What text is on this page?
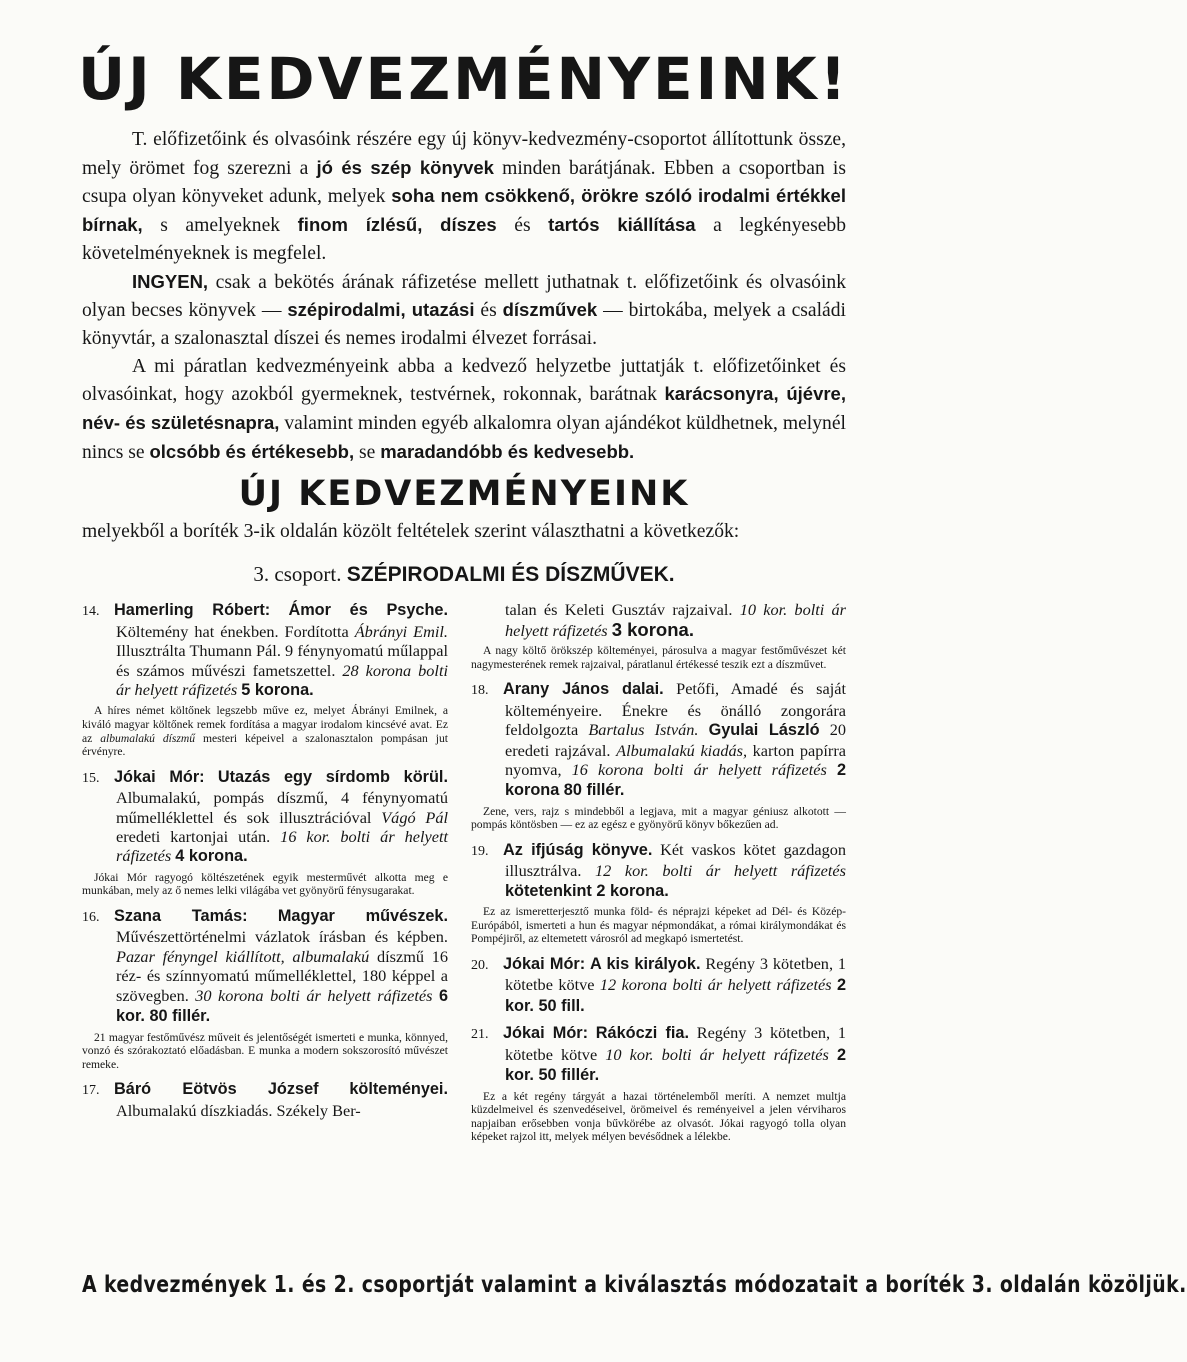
ÚJ KEDVEZMÉNYEINK!

T. előfizetőink és olvasóink részére egy új könyv-kedvezmény-csoportot állítottunk össze, mely örömet fog szerezni a jó és szép könyvek minden barátjának. Ebben a csoportban is csupa olyan könyveket adunk, melyek soha nem csökkenő, örökre szóló irodalmi értékkel bírnak, s amelyeknek finom ízlésű, díszes és tartós kiállítása a legkényesebb követelményeknek is megfelel.

INGYEN, csak a bekötés árának ráfizetése mellett juthatnak t. előfizetőink és olvasóink olyan becses könyvek — szépirodalmi, utazási és díszművek — birtokába, melyek a családi könyvtár, a szalonasztal díszei és nemes irodalmi élvezet forrásai.

A mi páratlan kedvezményeink abba a kedvező helyzetbe juttatják t. előfizetőinket és olvasóinkat, hogy azokból gyermeknek, testvérnek, rokonnak, barátnak karácsonyra, újévre, név- és születésnapra, valamint minden egyéb alkalomra olyan ajándékot küldhetnek, melynél nincs se olcsóbb és értékesebb, se maradandóbb és kedvesebb.

ÚJ KEDVEZMÉNYEINK

melyekből a boríték 3-ik oldalán közölt feltételek szerint választhatni a következők:

3. csoport. SZÉPIRODALMI ÉS DÍSZMŰVEK.
14. Hamerling Róbert: Ámor és Psyche. Költemény hat énekben. Fordította Ábrányi Emil. Illusztrálta Thumann Pál. 9 fénynyomatú műlappal és számos művészi fametszettel. 28 korona bolti ár helyett ráfizetés 5 korona.
A híres német költőnek legszebb műve ez, melyet Ábrányi Emilnek, a kiváló magyar költőnek remek fordítása a magyar irodalom kincsévé avat. Ez az albumalakú díszmű mesteri képeivel a szalonasztalon pompásan jut érvényre.
15. Jókai Mór: Utazás egy sírdomb körül. Albumalakú, pompás díszmű, 4 fénynyomatú műmelléklettel és sok illusztrációval Vágó Pál eredeti kartonjai után. 16 kor. bolti ár helyett ráfizetés 4 korona.
Jókai Mór ragyogó költészetének egyik mesterművét alkotta meg e munkában, mely az ő nemes lelki világába vet gyönyörű fénysugarakat.
16. Szana Tamás: Magyar művészek. Művészettörténelmi vázlatok írásban és képben. Pazar fényngel kiállított, albumalakú díszmű 16 réz- és színnyomatú műmelléklettel, 180 képpel a szövegben. 30 korona bolti ár helyett ráfizetés 6 kor. 80 fillér.
21 magyar festőművész műveit és jelentőségét ismerteti e munka, könnyed, vonzó és szórakoztató előadásban. E munka a modern sokszorosító művészet remeke.
17. Báró Eötvös József költeményei. Albumalakú díszkiadás. Székely Ber-
talan és Keleti Gusztáv rajzaival. 10 kor. bolti ár helyett ráfizetés 3 korona.
A nagy költő örökszép költeményei, párosulva a magyar festőművészet két nagymesterének remek rajzaival, páratlanul értékessé teszik ezt a díszművet.
18. Arany János dalai. Petőfi, Amadé és saját költeményeire. Énekre és önálló zongorára feldolgozta Bartalus István. Gyulai László 20 eredeti rajzával. Albumalakú kiadás, karton papírra nyomva, 16 korona bolti ár helyett ráfizetés 2 korona 80 fillér.
Zene, vers, rajz s mindebből a legjava, mit a magyar géniusz alkotott — pompás köntösben — ez az egész e gyönyörű könyv bőkezűen ad.
19. Az ifjúság könyve. Két vaskos kötet gazdagon illusztrálva. 12 kor. bolti ár helyett ráfizetés kötetenkint 2 korona.
Ez az ismeretterjesztő munka föld- és néprajzi képeket ad Dél- és Közép-Európából, ismerteti a hun és magyar népmondákat, a római királymondákat és Pompéjiről, az eltemetett városról ad megkapó ismertetést.
20. Jókai Mór: A kis királyok. Regény 3 kötetben, 1 kötetbe kötve 12 korona bolti ár helyett ráfizetés 2 kor. 50 fill.
21. Jókai Mór: Rákóczi fia. Regény 3 kötetben, 1 kötetbe kötve 10 kor. bolti ár helyett ráfizetés 2 kor. 50 fillér.
Ez a két regény tárgyát a hazai történelemből meríti. A nemzet multja küzdelmeivel és szenvedéseivel, örömeivel és reményeivel a jelen vérviharos napjaiban erősebben vonja bűvkörébe az olvasót. Jókai ragyogó tolla olyan képeket rajzol itt, melyek mélyen bevésődnek a lélekbe.
A kedvezmények 1. és 2. csoportját valamint a kiválasztás módozatait a boríték 3. oldalán közöljük.
